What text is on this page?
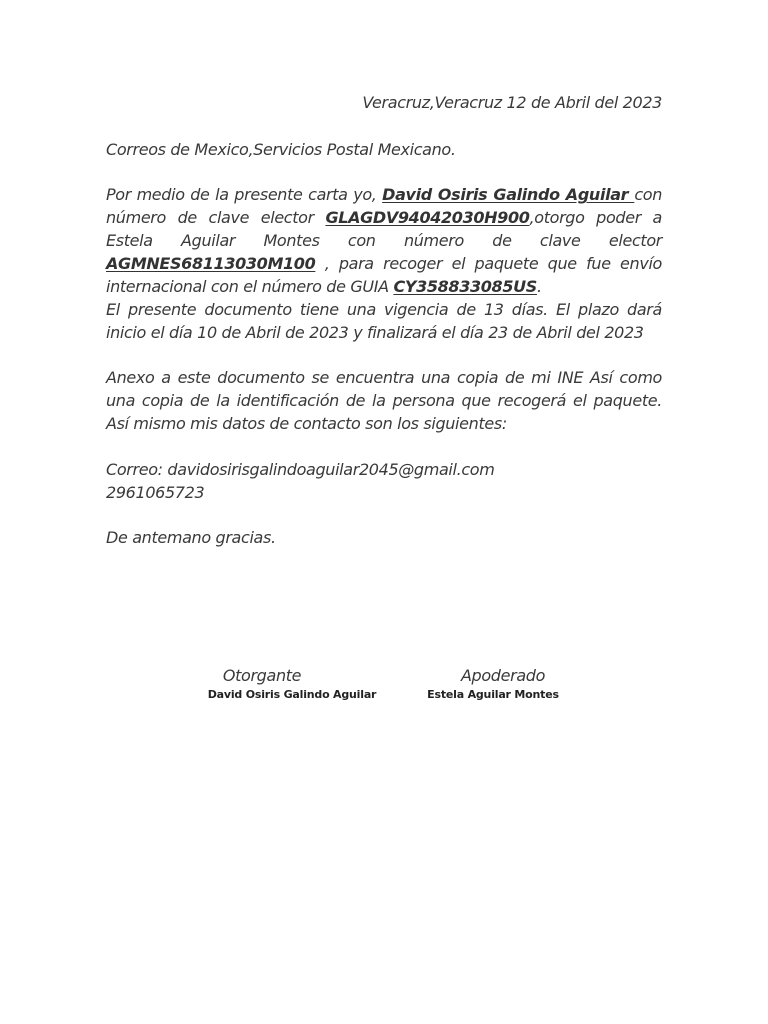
Veracruz,Veracruz 12 de Abril del 2023

Correos de Mexico,Servicios Postal Mexicano.

Por medio de la presente carta yo, David Osiris Galindo Aguilar con número de clave elector GLAGDV94042030H900,otorgo poder a Estela Aguilar Montes con número de clave elector AGMNES68113030M100 , para recoger el paquete que fue envío internacional con el número de GUIA CY358833085US.

El presente documento tiene una vigencia de 13 días. El plazo dará inicio el día 10 de Abril de 2023 y finalizará el día 23 de Abril del 2023

Anexo a este documento se encuentra una copia de mi INE Así como una copia de la identificación de la persona que recogerá el paquete. Así mismo mis datos de contacto son los siguientes:

Correo: davidosirisgalindoaguilar2045@gmail.com

2961065723

De antemano gracias.

Otorgante	Apoderado

David Osiris Galindo Aguilar	Estela Aguilar Montes
